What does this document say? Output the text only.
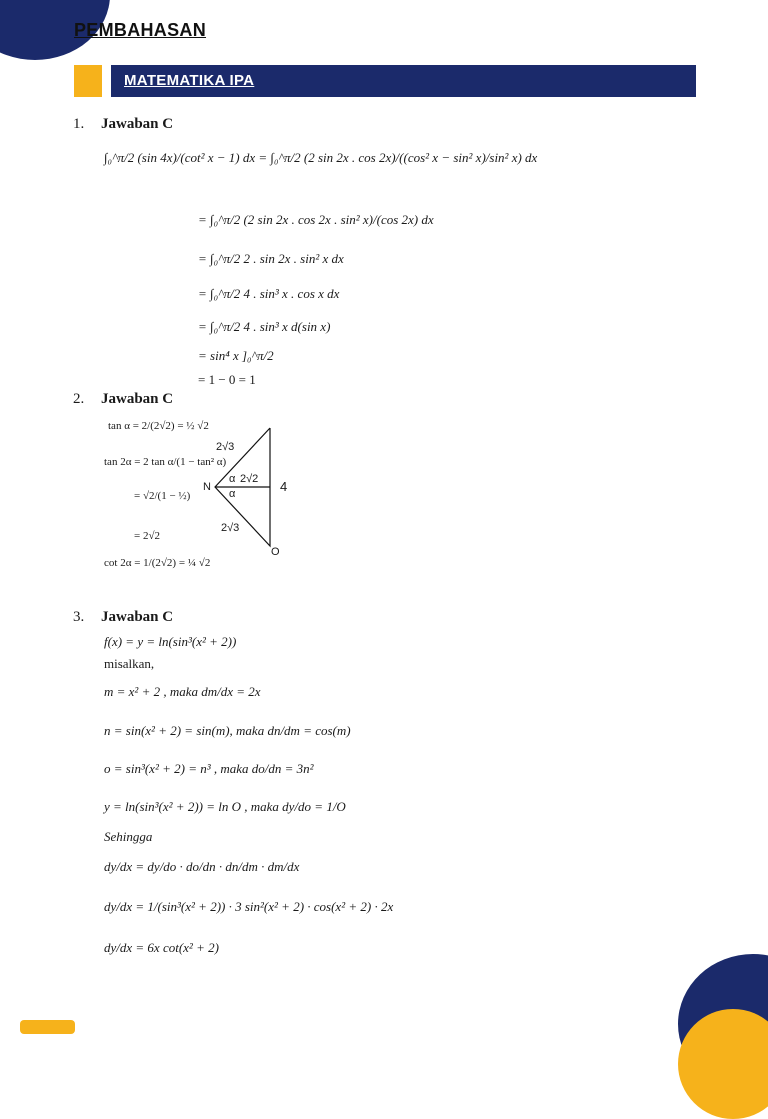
PEMBAHASAN
MATEMATIKA IPA
1. Jawaban C
∫₀^π/2 (sin 4x)/(cot² x − 1) dx = ∫₀^π/2 (2 sin 2x . cos 2x)/((cos² x − sin² x)/sin² x) dx
= ∫₀^π/2 (2 sin 2x . cos 2x . sin² x)/(cos 2x) dx
= ∫₀^π/2 2 . sin 2x . sin² x dx
= ∫₀^π/2 4 . sin³ x . cos x dx
= ∫₀^π/2 4 . sin³ x d(sin x)
= sin⁴ x ]₀^π/2
= 1 − 0 = 1
2. Jawaban C
tan α = 2/(2√2) = ½ √2
tan 2α = 2 tan α/(1 − tan² α)
= √2/(1 − ½)
= 2√2
cot 2α = 1/(2√2) = ¼ √2
2√3
2√3
2√2 4
N
O
α
α
3. Jawaban C
f(x) = y = ln(sin³(x² + 2))
misalkan,
m = x² + 2 , maka dm/dx = 2x
n = sin(x² + 2) = sin(m), maka dn/dm = cos(m)
o = sin³(x² + 2) = n³ , maka do/dn = 3n²
y = ln(sin³(x² + 2)) = ln O , maka dy/do = 1/O
Sehingga
dy/dx = dy/do · do/dn · dn/dm · dm/dx
dy/dx = 1/(sin³(x² + 2)) · 3 sin²(x² + 2) · cos(x² + 2) · 2x
dy/dx = 6x cot(x² + 2)
